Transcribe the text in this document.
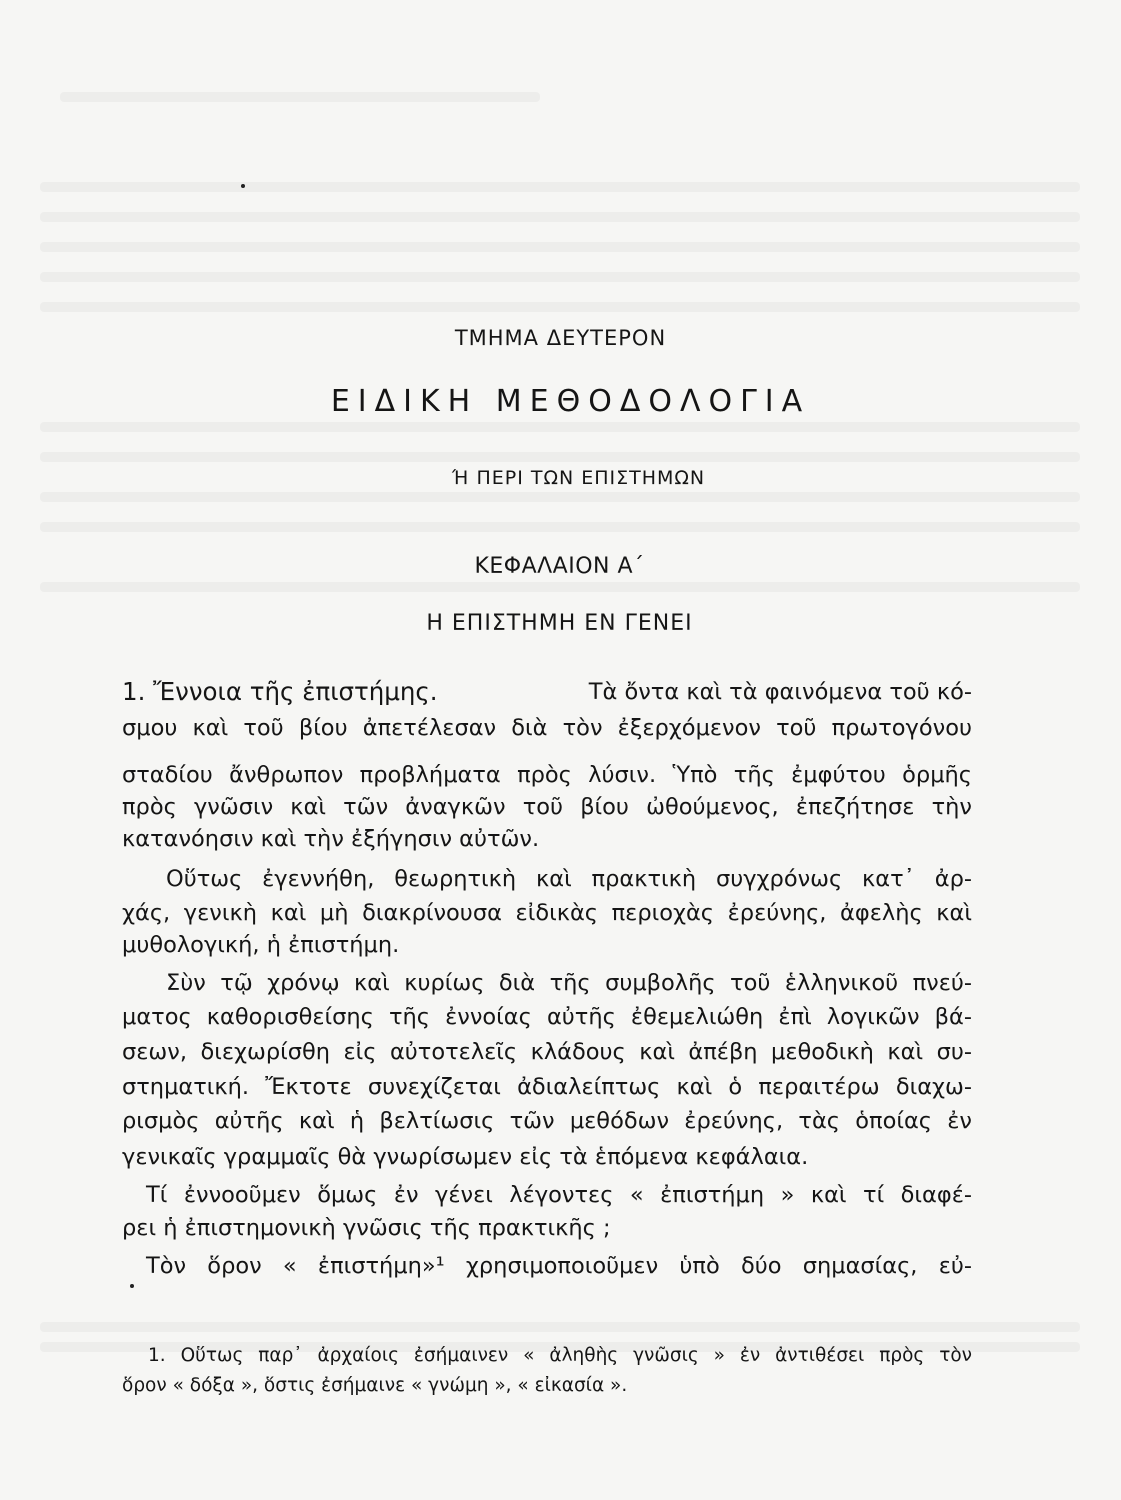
ΤΜΗΜΑ ΔΕΥΤΕΡΟΝ
ΕΙΔΙΚΗ ΜΕΘΟΔΟΛΟΓΙΑ
Ή ΠΕΡΙ ΤΩΝ ΕΠΙΣΤΗΜΩΝ
ΚΕΦΑΛΑΙΟΝ Α΄
Η ΕΠΙΣΤΗΜΗ ΕΝ ΓΕΝΕΙ
1. Ἔννοια τῆς ἐπιστήμης.	Τὰ ὄντα καὶ τὰ φαινόμενα τοῦ κό-
σμου καὶ τοῦ βίου ἀπετέλεσαν διὰ τὸν ἐξερχόμενον τοῦ πρωτογόνου
σταδίου ἄνθρωπον προβλήματα πρὸς λύσιν. Ὑπὸ τῆς ἐμφύτου ὁρμῆς
πρὸς γνῶσιν καὶ τῶν ἀναγκῶν τοῦ βίου ὠθούμενος, ἐπεζήτησε τὴν
κατανόησιν καὶ τὴν ἐξήγησιν αὐτῶν.
Οὕτως ἐγεννήθη, θεωρητικὴ καὶ πρακτικὴ συγχρόνως κατ᾽ ἀρ-
χάς, γενικὴ καὶ μὴ διακρίνουσα εἰδικὰς περιοχὰς ἐρεύνης, ἀφελὴς καὶ
μυθολογική, ἡ ἐπιστήμη.
Σὺν τῷ χρόνῳ καὶ κυρίως διὰ τῆς συμβολῆς τοῦ ἑλληνικοῦ πνεύ-
ματος καθορισθείσης τῆς ἐννοίας αὐτῆς ἐθεμελιώθη ἐπὶ λογικῶν βά-
σεων, διεχωρίσθη εἰς αὐτοτελεῖς κλάδους καὶ ἀπέβη μεθοδικὴ καὶ συ-
στηματική. Ἔκτοτε συνεχίζεται ἀδιαλείπτως καὶ ὁ περαιτέρω διαχω-
ρισμὸς αὐτῆς καὶ ἡ βελτίωσις τῶν μεθόδων ἐρεύνης, τὰς ὁποίας ἐν
γενικαῖς γραμμαῖς θὰ γνωρίσωμεν εἰς τὰ ἑπόμενα κεφάλαια.
Τί ἐννοοῦμεν ὅμως ἐν γένει λέγοντες « ἐπιστήμη » καὶ τί διαφέ-
ρει ἡ ἐπιστημονικὴ γνῶσις τῆς πρακτικῆς ;
Τὸν ὅρον « ἐπιστήμη»¹ χρησιμοποιοῦμεν ὑπὸ δύο σημασίας, εὐ-
1. Οὕτως παρ᾽ ἀρχαίοις ἐσήμαινεν « ἀληθὴς γνῶσις » ἐν ἀντιθέσει πρὸς τὸν
ὅρον « δόξα », ὅστις ἐσήμαινε « γνώμη », « εἰκασία ».
